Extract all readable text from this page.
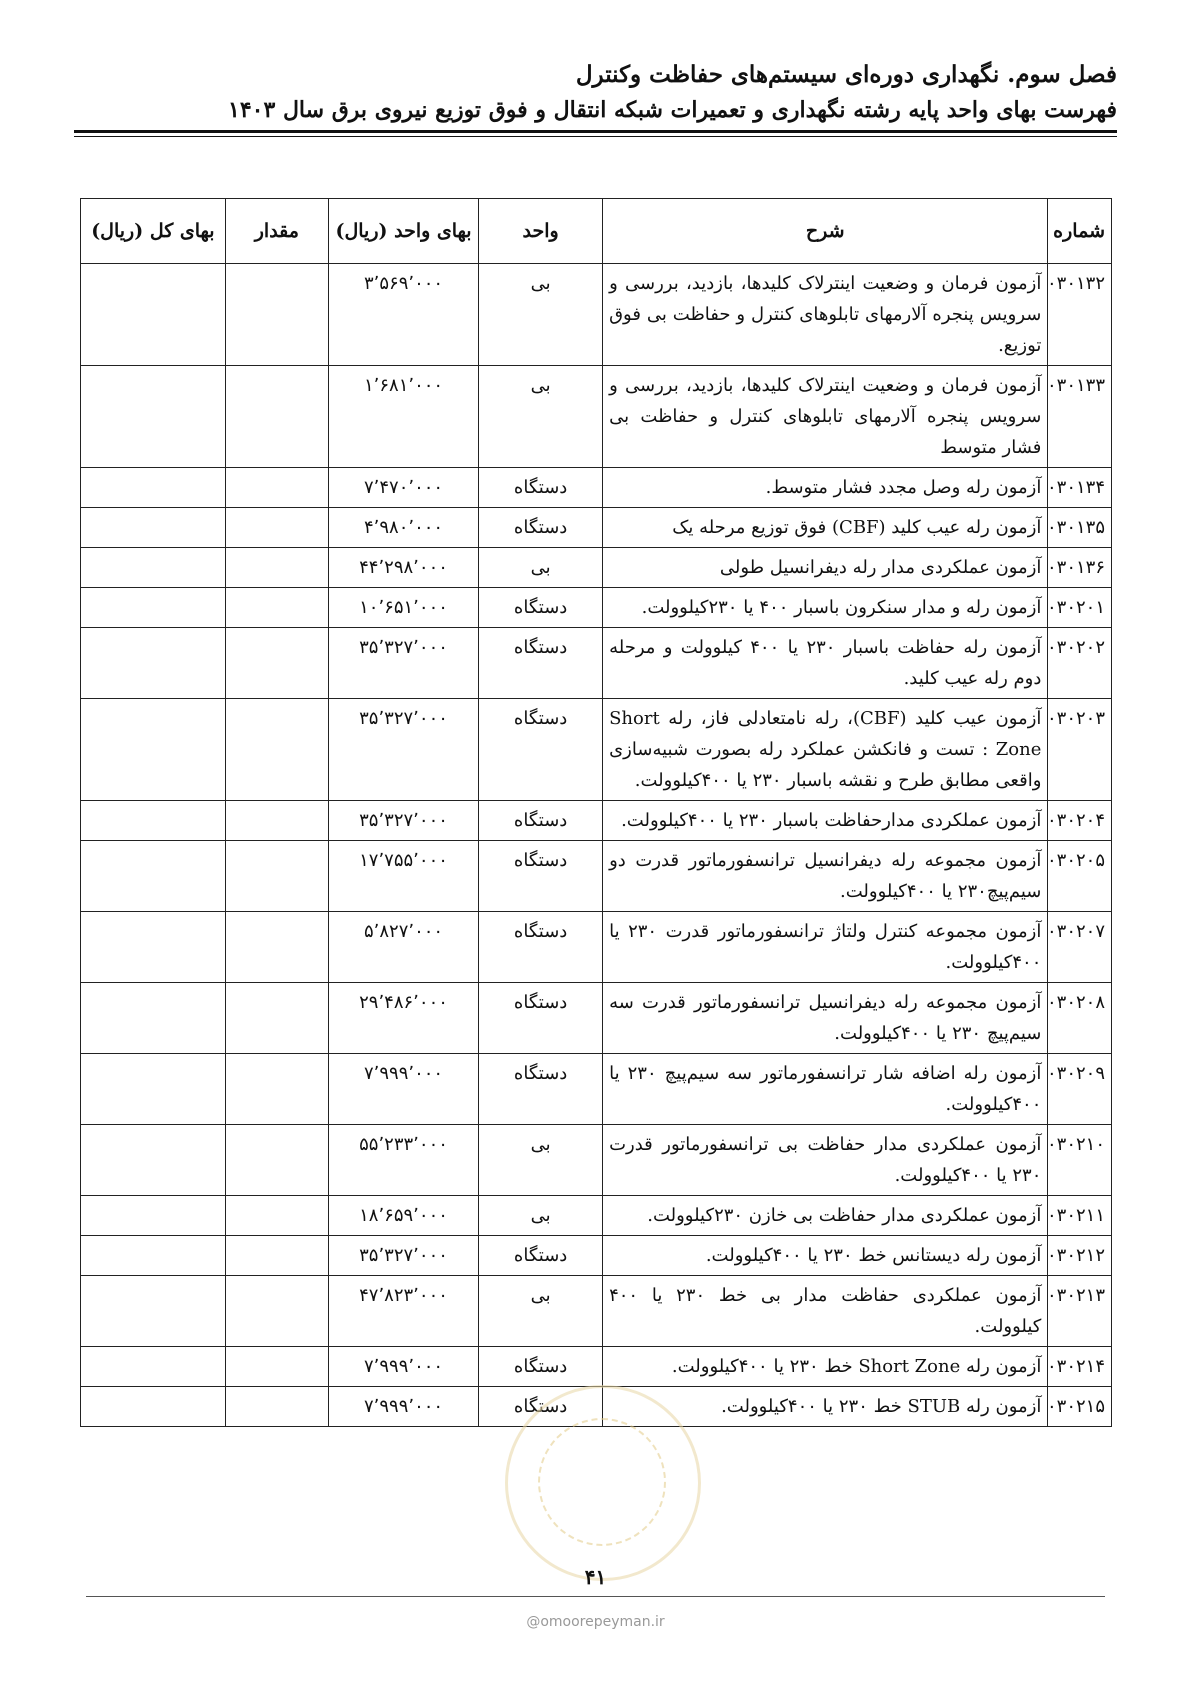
فصل سوم. نگهداری دوره‌ای سیستم‌های حفاظت وکنترل
فهرست بهای واحد پایه رشته نگهداری و تعمیرات شبکه انتقال و فوق توزیع نیروی برق سال ۱۴۰۳
شماره	شرح	واحد	بهای واحد (ریال)	مقدار	بهای کل (ریال)
۰۳۰۱۳۲	آزمون فرمان و وضعیت اینترلاک کلیدها، بازدید، بررسی و سرویس پنجره آلارمهای تابلوهای کنترل و حفاظت بی فوق توزیع.	بی	۳٬۵۶۹٬۰۰۰		
۰۳۰۱۳۳	آزمون فرمان و وضعیت اینترلاک کلیدها، بازدید، بررسی و سرویس پنجره آلارمهای تابلوهای کنترل و حفاظت بی فشار متوسط	بی	۱٬۶۸۱٬۰۰۰		
۰۳۰۱۳۴	آزمون رله وصل مجدد فشار متوسط.	دستگاه	۷٬۴۷۰٬۰۰۰		
۰۳۰۱۳۵	آزمون رله عیب کلید (CBF) فوق توزیع مرحله یک	دستگاه	۴٬۹۸۰٬۰۰۰		
۰۳۰۱۳۶	آزمون عملکردی مدار رله دیفرانسیل طولی	بی	۴۴٬۲۹۸٬۰۰۰		
۰۳۰۲۰۱	آزمون رله و مدار سنکرون باسبار ۴۰۰ یا ۲۳۰کیلوولت.	دستگاه	۱۰٬۶۵۱٬۰۰۰		
۰۳۰۲۰۲	آزمون رله حفاظت باسبار ۲۳۰ یا ۴۰۰ کیلوولت و مرحله دوم رله عیب کلید.	دستگاه	۳۵٬۳۲۷٬۰۰۰		
۰۳۰۲۰۳	آزمون عیب کلید (CBF)، رله نامتعادلی فاز، رله Short Zone : تست و فانکشن عملکرد رله بصورت شبیه‌سازی واقعی مطابق طرح و نقشه باسبار ۲۳۰ یا ۴۰۰کیلوولت.	دستگاه	۳۵٬۳۲۷٬۰۰۰		
۰۳۰۲۰۴	آزمون عملکردی مدارحفاظت باسبار ۲۳۰ یا ۴۰۰کیلوولت.	دستگاه	۳۵٬۳۲۷٬۰۰۰		
۰۳۰۲۰۵	آزمون مجموعه رله دیفرانسیل ترانسفورماتور قدرت دو سیم‌پیچ۲۳۰ یا ۴۰۰کیلوولت.	دستگاه	۱۷٬۷۵۵٬۰۰۰		
۰۳۰۲۰۷	آزمون مجموعه کنترل ولتاژ ترانسفورماتور قدرت ۲۳۰ یا ۴۰۰کیلوولت.	دستگاه	۵٬۸۲۷٬۰۰۰		
۰۳۰۲۰۸	آزمون مجموعه رله دیفرانسیل ترانسفورماتور قدرت سه سیم‌پیچ ۲۳۰ یا ۴۰۰کیلوولت.	دستگاه	۲۹٬۴۸۶٬۰۰۰		
۰۳۰۲۰۹	آزمون رله اضافه شار ترانسفورماتور سه سیم‌پیچ ۲۳۰ یا ۴۰۰کیلوولت.	دستگاه	۷٬۹۹۹٬۰۰۰		
۰۳۰۲۱۰	آزمون عملکردی مدار حفاظت بی ترانسفورماتور قدرت ۲۳۰ یا ۴۰۰کیلوولت.	بی	۵۵٬۲۳۳٬۰۰۰		
۰۳۰۲۱۱	آزمون عملکردی مدار حفاظت بی خازن ۲۳۰کیلوولت.	بی	۱۸٬۶۵۹٬۰۰۰		
۰۳۰۲۱۲	آزمون رله دیستانس خط ۲۳۰ یا ۴۰۰کیلوولت.	دستگاه	۳۵٬۳۲۷٬۰۰۰		
۰۳۰۲۱۳	آزمون عملکردی حفاظت مدار بی خط ۲۳۰ یا ۴۰۰ کیلوولت.	بی	۴۷٬۸۲۳٬۰۰۰		
۰۳۰۲۱۴	آزمون رله Short Zone خط ۲۳۰ یا ۴۰۰کیلوولت.	دستگاه	۷٬۹۹۹٬۰۰۰		
۰۳۰۲۱۵	آزمون رله STUB خط ۲۳۰ یا ۴۰۰کیلوولت.	دستگاه	۷٬۹۹۹٬۰۰۰		
۴۱
@omoorepeyman.ir
